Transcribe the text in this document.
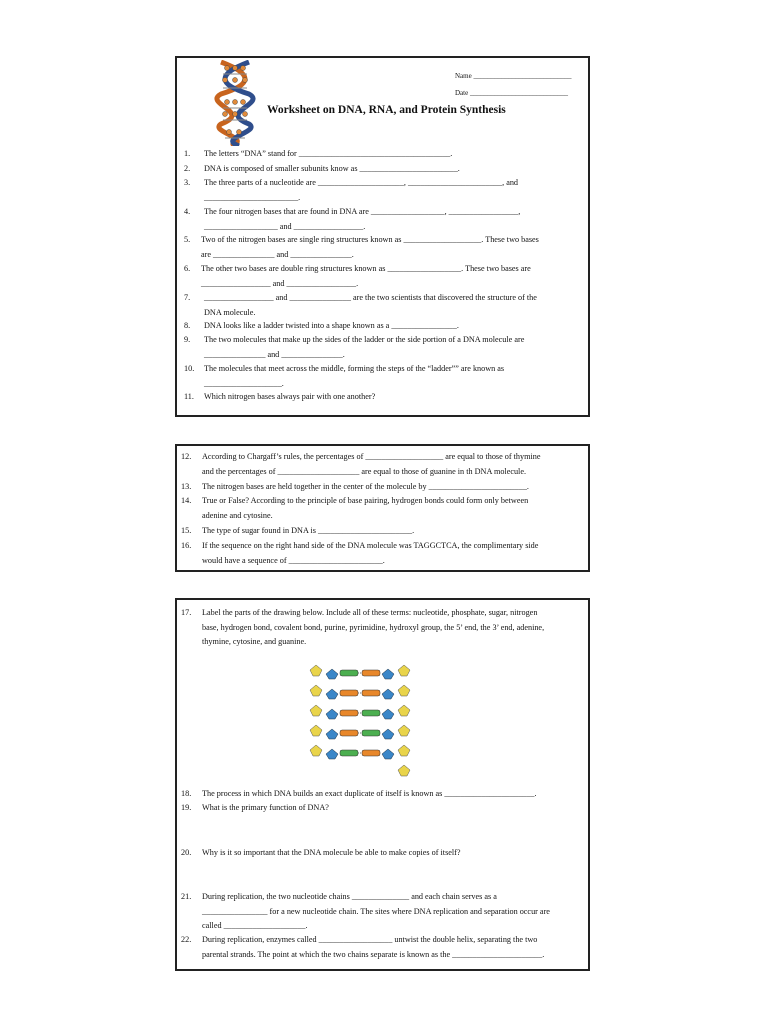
Name ____________________________
Date ____________________________
Worksheet on DNA, RNA, and Protein Synthesis
1. The letters “DNA” stand for _____________________________________.
2. DNA is composed of smaller subunits know as ________________________.
3. The three parts of a nucleotide are _____________________, _______________________, and
_______________________.
4. The four nitrogen bases that are found in DNA are __________________, _________________,
__________________ and _________________.
5. Two of the nitrogen bases are single ring structures known as ___________________. These two bases
are _______________ and _______________.
6. The other two bases are double ring structures known as __________________. These two bases are
_________________ and _________________.
7. _________________ and _______________ are the two scientists that discovered the structure of the
DNA molecule.
8. DNA looks like a ladder twisted into a shape known as a ________________.
9. The two molecules that make up the sides of the ladder or the side portion of a DNA molecule are
_______________ and _______________.
10. The molecules that meet across the middle, forming the steps of the “ladder”” are known as
___________________.
11. Which nitrogen bases always pair with one another?
12. According to Chargaff’s rules, the percentages of ___________________ are equal to those of thymine
and the percentages of ____________________ are equal to those of guanine in th DNA molecule.
13. The nitrogen bases are held together in the center of the molecule by ________________________.
14. True or False? According to the principle of base pairing, hydrogen bonds could form only between
adenine and cytosine.
15. The type of sugar found in DNA is _______________________.
16. If the sequence on the right hand side of the DNA molecule was TAGGCTCA, the complimentary side
would have a sequence of _______________________.
17. Label the parts of the drawing below. Include all of these terms: nucleotide, phosphate, sugar, nitrogen
base, hydrogen bond, covalent bond, purine, pyrimidine, hydroxyl group, the 5’ end, the 3’ end, adenine,
thymine, cytosine, and guanine.
18. The process in which DNA builds an exact duplicate of itself is known as ______________________.
19. What is the primary function of DNA?
20. Why is it so important that the DNA molecule be able to make copies of itself?
21. During replication, the two nucleotide chains ______________ and each chain serves as a
________________ for a new nucleotide chain. The sites where DNA replication and separation occur are
called ____________________.
22. During replication, enzymes called __________________ untwist the double helix, separating the two
parental strands. The point at which the two chains separate is known as the ______________________.
